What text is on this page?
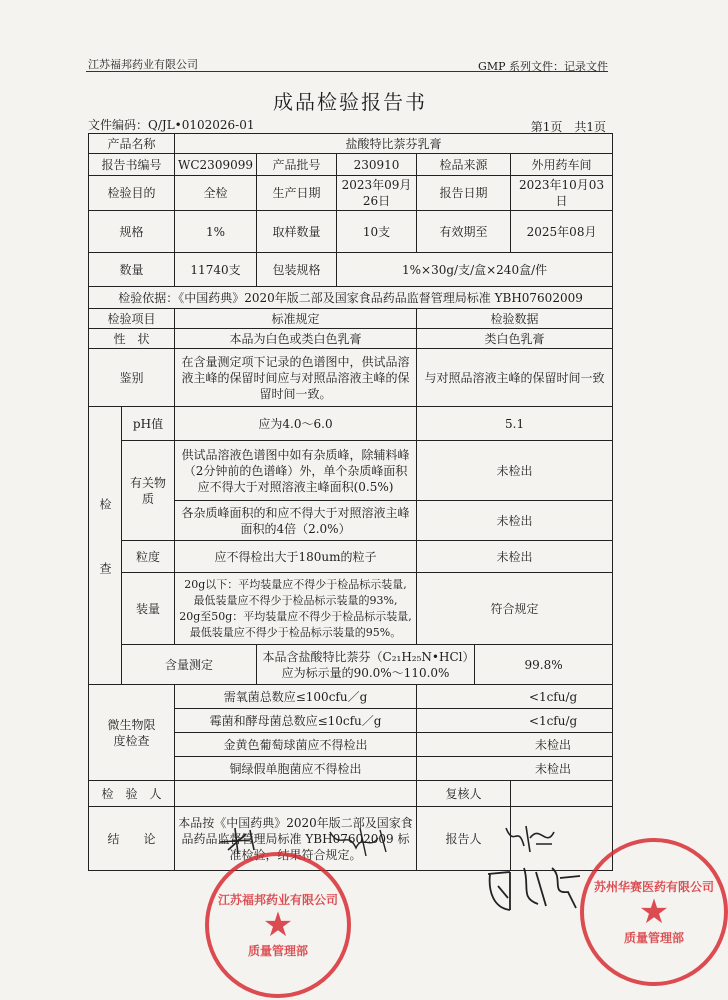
江苏福邦药业有限公司	GMP 系列文件：记录文件
成品检验报告书
文件编码：Q/JL•0102026-01	第1页　共1页
产品名称		盐酸特比萘芬乳膏					
报告书编号		WC2309099	产品批号	230910	检品来源		外用药车间
检验目的		全检	生产日期	2023年09月26日	报告日期		2023年10月03日
规格		1%	取样数量	10支	有效期至		2025年08月
数量		11740支	包装规格	1%×30g/支/盒×240盒/件			
检验依据：《中国药典》2020年版二部及国家食品药品监督管理局标准 YBH07602009							
检验项目		标准规定			检验数据		
性　状		本品为白色或类白色乳膏			类白色乳膏		
鉴别		在含量测定项下记录的色谱图中，供试品溶液主峰的保留时间应与对照品溶液主峰的保留时间一致。			与对照品溶液主峰的保留时间一致		
检　查	pH值	应为4.0～6.0			5.1		
	有关物质	供试品溶液色谱图中如有杂质峰，除辅料峰（2分钟前的色谱峰）外，单个杂质峰面积应不得大于对照溶液主峰面积(0.5%)			未检出		
		各杂质峰面积的和应不得大于对照溶液主峰面积的4倍（2.0%）			未检出		
	粒度	应不得检出大于180um的粒子			未检出		
	装量	20g以下：平均装量应不得少于检品标示装量,
最低装量应不得少于检品标示装量的93%,
20g至50g：平均装量应不得少于检品标示装量,
最低装量应不得少于检品标示装量的95%。			符合规定		
	含量测定		本品含盐酸特比萘芬（C₂₁H₂₅N•HCl）应为标示量的90.0%～110.0%			99.8%	
微生物限度检查		需氧菌总数应≤100cfu／g			<1cfu/g		
		霉菌和酵母菌总数应≤10cfu／g			<1cfu/g		
		金黄色葡萄球菌应不得检出			未检出		
		铜绿假单胞菌应不得检出			未检出		
检　验　人					复核人		
结　　论		本品按《中国药典》2020年版二部及国家食品药品监督管理局标准 YBH07602009 标准检验，结果符合规定。			报告人		
江苏福邦药业有限公司
★
质量管理部
苏州华赛医药有限公司
★
质量管理部
